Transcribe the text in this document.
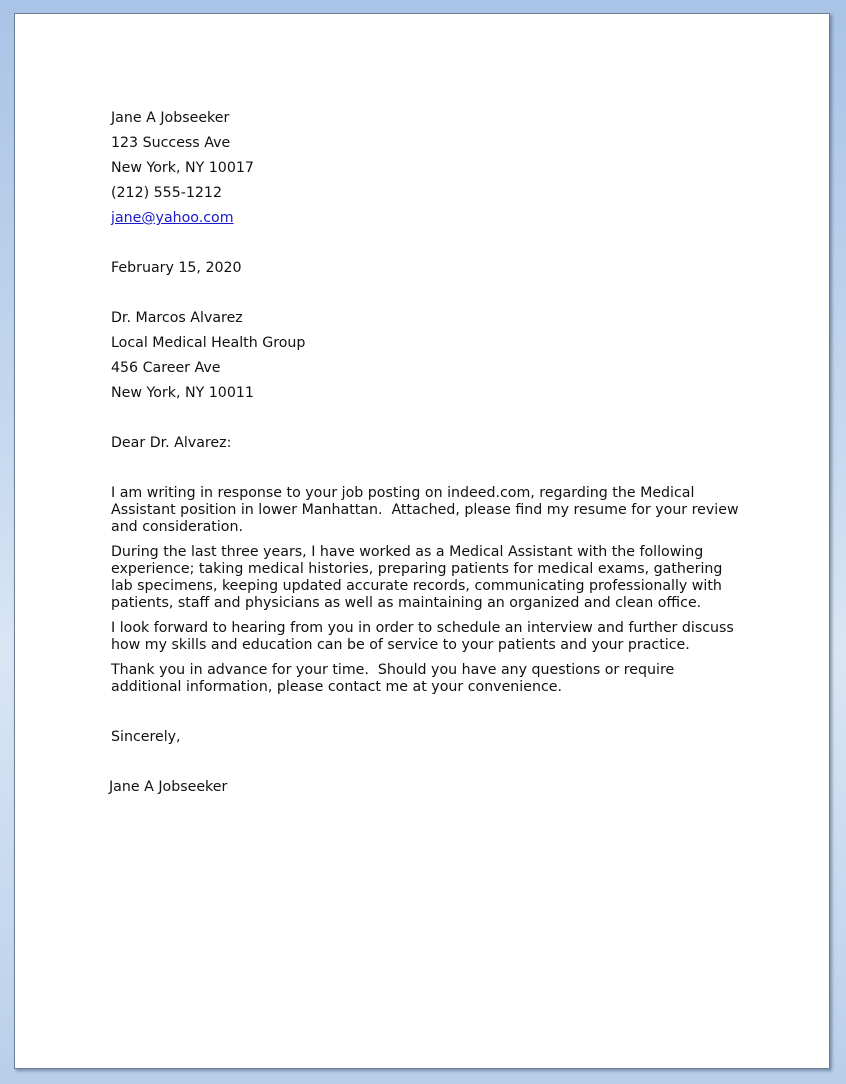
Jane A Jobseeker
123 Success Ave
New York, NY 10017
(212) 555-1212
jane@yahoo.com
February 15, 2020
Dr. Marcos Alvarez
Local Medical Health Group
456 Career Ave
New York, NY 10011
Dear Dr. Alvarez:
I am writing in response to your job posting on indeed.com, regarding the Medical
Assistant position in lower Manhattan.  Attached, please find my resume for your review
and consideration.
During the last three years, I have worked as a Medical Assistant with the following
experience; taking medical histories, preparing patients for medical exams, gathering
lab specimens, keeping updated accurate records, communicating professionally with
patients, staff and physicians as well as maintaining an organized and clean office.
I look forward to hearing from you in order to schedule an interview and further discuss
how my skills and education can be of service to your patients and your practice.
Thank you in advance for your time.  Should you have any questions or require
additional information, please contact me at your convenience.
Sincerely,
Jane A Jobseeker
